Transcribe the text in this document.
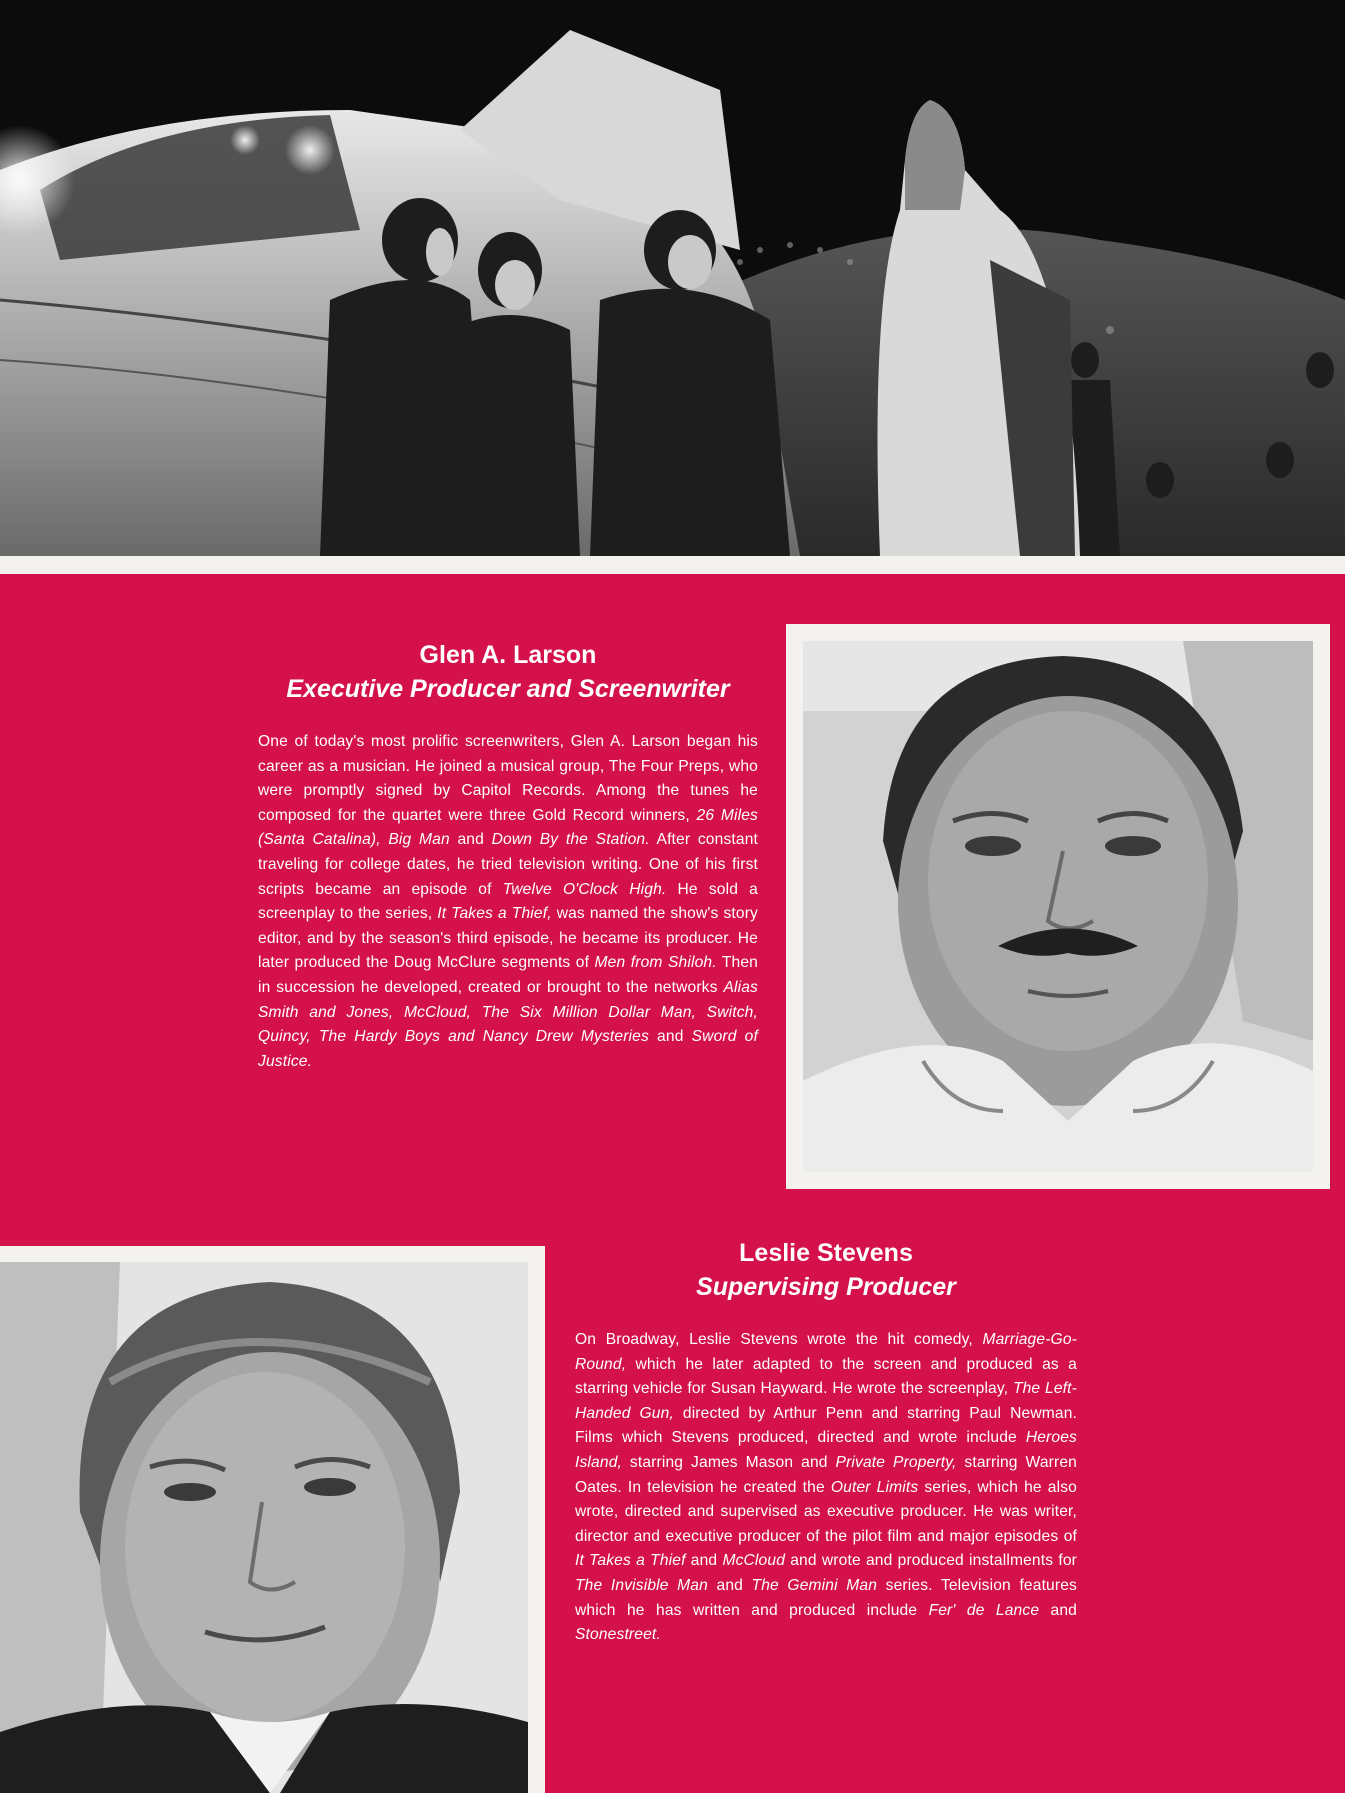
Glen A. Larson
Executive Producer and Screenwriter

One of today's most prolific screenwriters, Glen A. Larson began his career as a musician. He joined a musical group, The Four Preps, who were promptly signed by Capitol Records. Among the tunes he composed for the quartet were three Gold Record winners, 26 Miles (Santa Catalina), Big Man and Down By the Station. After constant traveling for college dates, he tried television writing. One of his first scripts became an episode of Twelve O'Clock High. He sold a screenplay to the series, It Takes a Thief, was named the show's story editor, and by the season's third episode, he became its producer. He later produced the Doug McClure segments of Men from Shiloh. Then in succession he developed, created or brought to the networks Alias Smith and Jones, McCloud, The Six Million Dollar Man, Switch, Quincy, The Hardy Boys and Nancy Drew Mysteries and Sword of Justice.

Leslie Stevens
Supervising Producer

On Broadway, Leslie Stevens wrote the hit comedy, Marriage-Go-Round, which he later adapted to the screen and produced as a starring vehicle for Susan Hayward. He wrote the screenplay, The Left-Handed Gun, directed by Arthur Penn and starring Paul Newman. Films which Stevens produced, directed and wrote include Heroes Island, starring James Mason and Private Property, starring Warren Oates. In television he created the Outer Limits series, which he also wrote, directed and supervised as executive producer. He was writer, director and executive producer of the pilot film and major episodes of It Takes a Thief and McCloud and wrote and produced installments for The Invisible Man and The Gemini Man series. Television features which he has written and produced include Fer' de Lance and Stonestreet.
